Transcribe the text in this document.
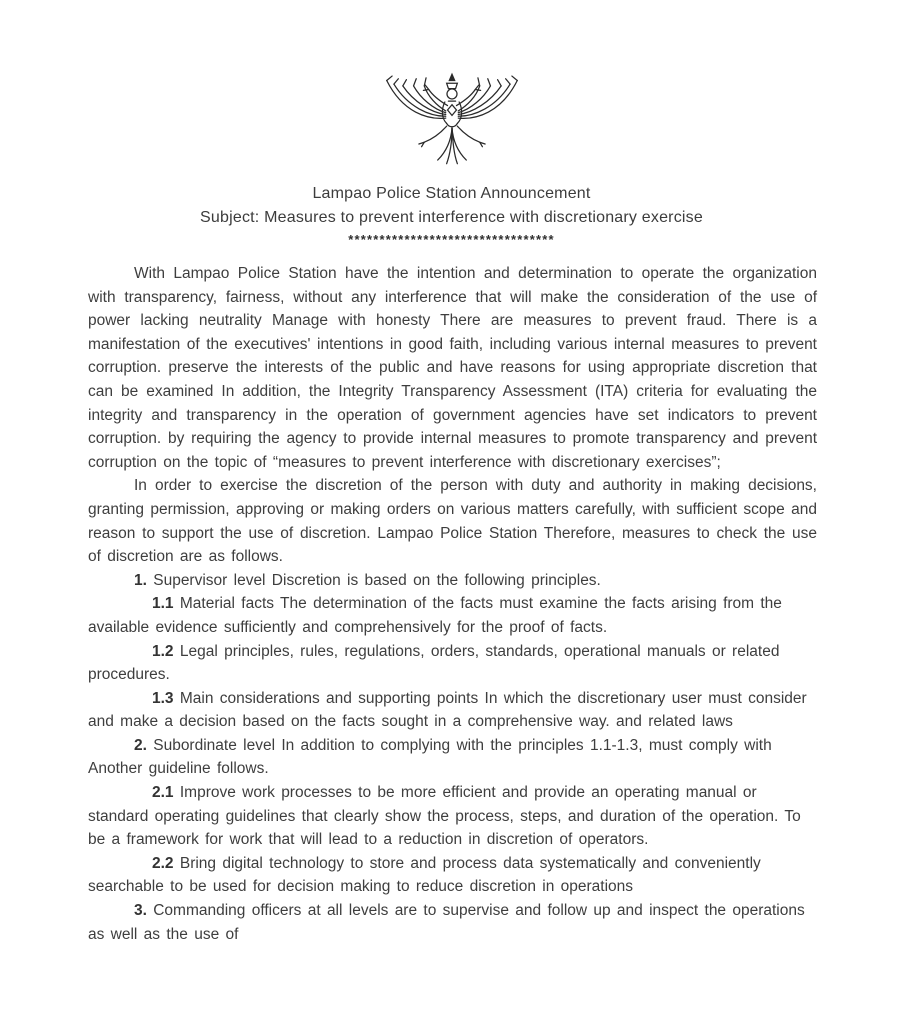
Lampao Police Station Announcement
Subject: Measures to prevent interference with discretionary exercise
*********************************

With Lampao Police Station have the intention and determination to operate the organization with transparency, fairness, without any interference that will make the consideration of the use of power lacking neutrality Manage with honesty There are measures to prevent fraud. There is a manifestation of the executives' intentions in good faith, including various internal measures to prevent corruption. preserve the interests of the public and have reasons for using appropriate discretion that can be examined In addition, the Integrity Transparency Assessment (ITA) criteria for evaluating the integrity and transparency in the operation of government agencies have set indicators to prevent corruption. by requiring the agency to provide internal measures to promote transparency and prevent corruption on the topic of “measures to prevent interference with discretionary exercises”;

In order to exercise the discretion of the person with duty and authority in making decisions, granting permission, approving or making orders on various matters carefully, with sufficient scope and reason to support the use of discretion. Lampao Police Station Therefore, measures to check the use of discretion are as follows.

1. Supervisor level Discretion is based on the following principles.

1.1 Material facts The determination of the facts must examine the facts arising from the available evidence sufficiently and comprehensively for the proof of facts.

1.2 Legal principles, rules, regulations, orders, standards, operational manuals or related procedures.

1.3 Main considerations and supporting points In which the discretionary user must consider and make a decision based on the facts sought in a comprehensive way. and related laws

2. Subordinate level In addition to complying with the principles 1.1-1.3, must comply with Another guideline follows.

2.1 Improve work processes to be more efficient and provide an operating manual or standard operating guidelines that clearly show the process, steps, and duration of the operation. To be a framework for work that will lead to a reduction in discretion of operators.

2.2 Bring digital technology to store and process data systematically and conveniently searchable to be used for decision making to reduce discretion in operations

3. Commanding officers at all levels are to supervise and follow up and inspect the operations as well as the use of
